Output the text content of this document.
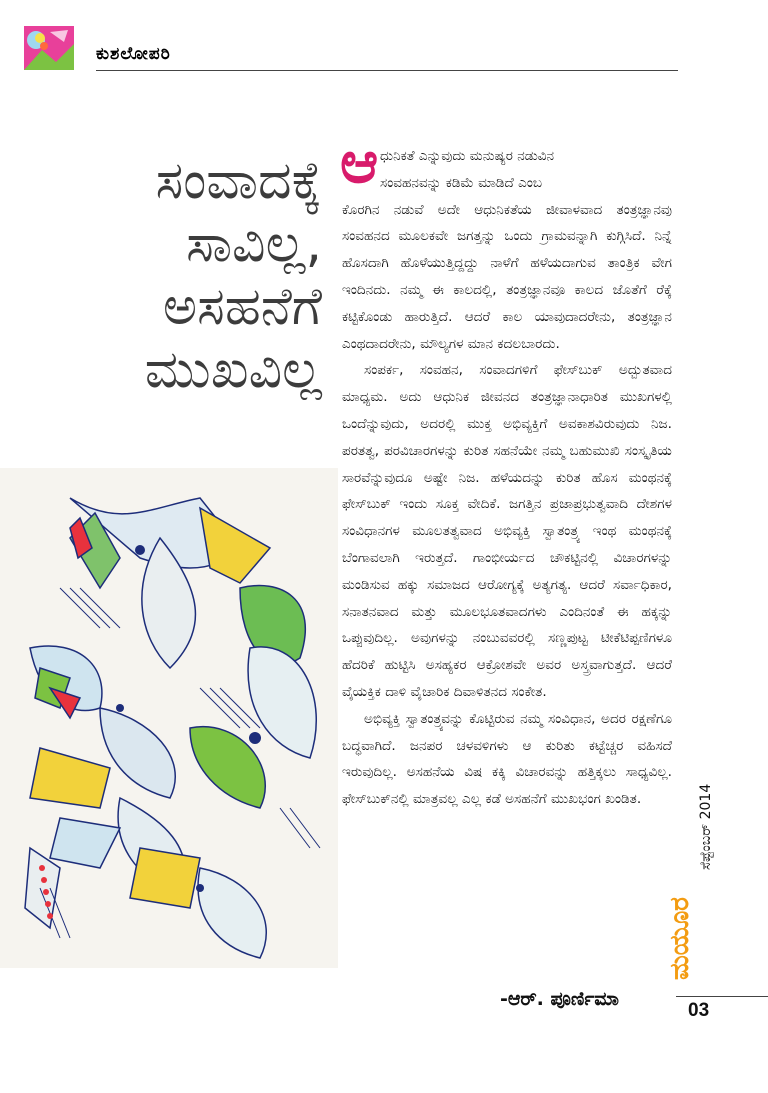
ಕುಶಲೋಪರಿ
ಸಂವಾದಕ್ಕೆ
ಸಾವಿಲ್ಲ,
ಅಸಹನೆಗೆ
ಮುಖವಿಲ್ಲ
ಆ ಧುನಿಕತೆ ಎನ್ನುವುದು ಮನುಷ್ಯರ ನಡುವಿನ
ಸಂವಹನವನ್ನು ಕಡಿಮೆ ಮಾಡಿದೆ ಎಂಬ
ಕೊರಗಿನ ನಡುವೆ ಅದೇ ಆಧುನಿಕತೆಯ ಜೀವಾಳವಾದ ತಂತ್ರಜ್ಞಾನವು ಸಂವಹನದ ಮೂಲಕವೇ ಜಗತ್ತನ್ನು ಒಂದು ಗ್ರಾಮವನ್ನಾಗಿ ಕುಗ್ಗಿಸಿದೆ. ನಿನ್ನೆ ಹೊಸದಾಗಿ ಹೊಳೆಯುತ್ತಿದ್ದದ್ದು ನಾಳೆಗೆ ಹಳೆಯದಾಗುವ ತಾಂತ್ರಿಕ ವೇಗ ಇಂದಿನದು. ನಮ್ಮ ಈ ಕಾಲದಲ್ಲಿ, ತಂತ್ರಜ್ಞಾನವೂ ಕಾಲದ ಜೊತೆಗೆ ರೆಕ್ಕೆ ಕಟ್ಟಿಕೊಂಡು ಹಾರುತ್ತಿದೆ. ಆದರೆ ಕಾಲ ಯಾವುದಾದರೇನು, ತಂತ್ರಜ್ಞಾನ ಎಂಥದಾದರೇನು, ಮೌಲ್ಯಗಳ ಮಾನ ಕದಲಬಾರದು.

ಸಂಪರ್ಕ, ಸಂವಹನ, ಸಂವಾದಗಳಿಗೆ ಫೇಸ್‌ಬುಕ್ ಅದ್ಬುತವಾದ ಮಾಧ್ಯಮ. ಅದು ಆಧುನಿಕ ಜೀವನದ ತಂತ್ರಜ್ಞಾನಾಧಾರಿತ ಮುಖಗಳಲ್ಲಿ ಒಂದೆನ್ನುವುದು, ಅದರಲ್ಲಿ ಮುಕ್ತ ಅಭಿವ್ಯಕ್ತಿಗೆ ಅವಕಾಶವಿರುವುದು ನಿಜ. ಪರತತ್ವ, ಪರವಿಚಾರಗಳನ್ನು ಕುರಿತ ಸಹನೆಯೇ ನಮ್ಮ ಬಹುಮುಖಿ ಸಂಸ್ಕೃತಿಯ ಸಾರವೆನ್ನುವುದೂ ಅಷ್ಟೇ ನಿಜ. ಹಳೆಯದನ್ನು ಕುರಿತ ಹೊಸ ಮಂಥನಕ್ಕೆ ಫೇಸ್‌ಬುಕ್ ಇಂದು ಸೂಕ್ತ ವೇದಿಕೆ. ಜಗತ್ತಿನ ಪ್ರಜಾಪ್ರಭುತ್ವವಾದಿ ದೇಶಗಳ ಸಂವಿಧಾನಗಳ ಮೂಲತತ್ವವಾದ ಅಭಿವ್ಯಕ್ತಿ ಸ್ವಾತಂತ್ರ್ಯ ಇಂಥ ಮಂಥನಕ್ಕೆ ಬೆಂಗಾವಲಾಗಿ ಇರುತ್ತದೆ. ಗಾಂಭೀರ್ಯದ ಚೌಕಟ್ಟಿನಲ್ಲಿ ವಿಚಾರಗಳನ್ನು ಮಂಡಿಸುವ ಹಕ್ಕು ಸಮಾಜದ ಆರೋಗ್ಯಕ್ಕೆ ಅತ್ಯಗತ್ಯ. ಆದರೆ ಸರ್ವಾಧಿಕಾರ, ಸನಾತನವಾದ ಮತ್ತು ಮೂಲಭೂತವಾದಗಳು ಎಂದಿನಂತೆ ಈ ಹಕ್ಕನ್ನು ಒಪ್ಪುವುದಿಲ್ಲ. ಅವುಗಳನ್ನು ನಂಬುವವರಲ್ಲಿ ಸಣ್ಣಪುಟ್ಟ ಟೀಕೆಟಿಪ್ಪಣಿಗಳೂ ಹೆದರಿಕೆ ಹುಟ್ಟಿಸಿ ಅಸಹ್ಯಕರ ಆಕ್ರೋಶವೇ ಅವರ ಅಸ್ತ್ರವಾಗುತ್ತದೆ. ಆದರೆ ವೈಯಕ್ತಿಕ ದಾಳಿ ವೈಚಾರಿಕ ದಿವಾಳಿತನದ ಸಂಕೇತ.

ಅಭಿವ್ಯಕ್ತಿ ಸ್ವಾತಂತ್ರ್ಯವನ್ನು ಕೊಟ್ಟಿರುವ ನಮ್ಮ ಸಂವಿಧಾನ, ಅದರ ರಕ್ಷಣೆಗೂ ಬದ್ಧವಾಗಿದೆ. ಜನಪರ ಚಳವಳಿಗಳು ಆ ಕುರಿತು ಕಟ್ಟೆಚ್ಚರ ವಹಿಸದೆ ಇರುವುದಿಲ್ಲ. ಅಸಹನೆಯ ವಿಷ ಕಕ್ಕಿ ವಿಚಾರವನ್ನು ಹತ್ತಿಕ್ಕಲು ಸಾಧ್ಯವಿಲ್ಲ. ಫೇಸ್‌ಬುಕ್‌ನಲ್ಲಿ ಮಾತ್ರವಲ್ಲ ಎಲ್ಲ ಕಡೆ ಅಸಹನೆಗೆ ಮುಖಭಂಗ ಖಂಡಿತ.

-ಆರ್. ಪೂರ್ಣಿಮಾ
ಸೆಪ್ಟೆಂಬರ್ 2014
ಮಯೂರ
03
